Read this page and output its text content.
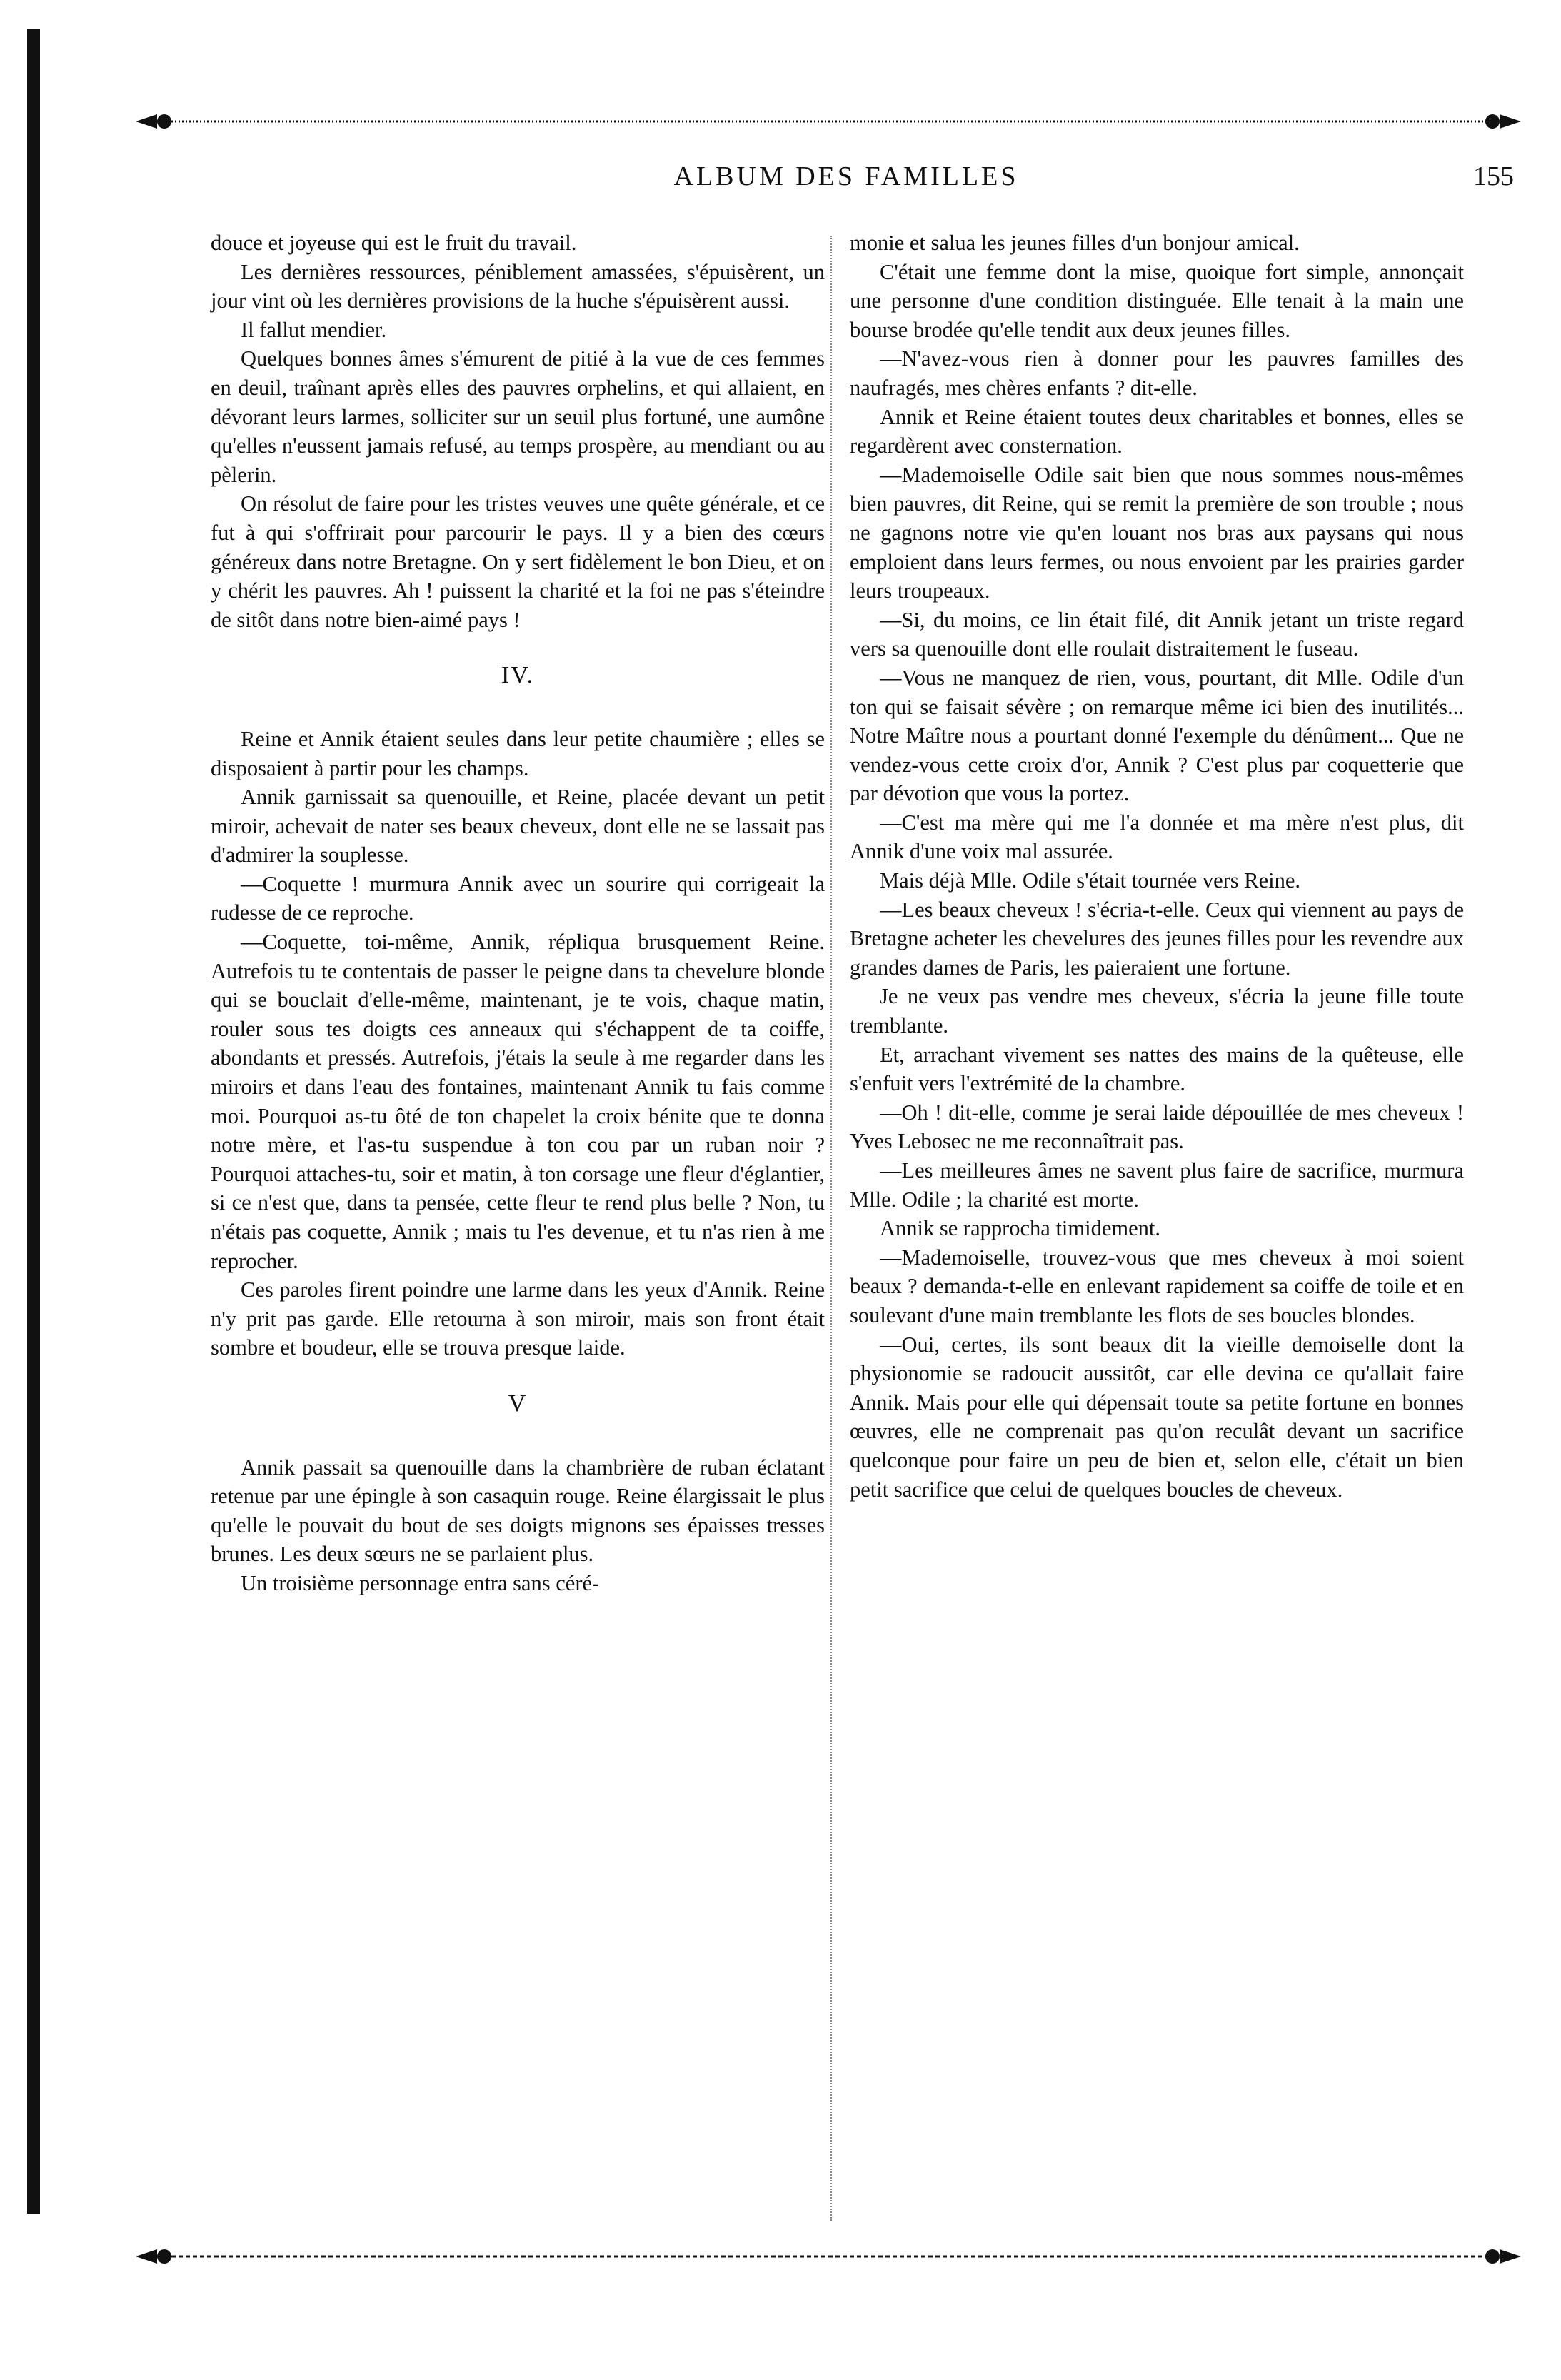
ALBUM DES FAMILLES	155

douce et joyeuse qui est le fruit du travail.

Les dernières ressources, péniblement amassées, s'épuisèrent, un jour vint où les dernières provisions de la huche s'épuisèrent aussi.

Il fallut mendier.

Quelques bonnes âmes s'émurent de pitié à la vue de ces femmes en deuil, traînant après elles des pauvres orphelins, et qui allaient, en dévorant leurs larmes, solliciter sur un seuil plus fortuné, une aumône qu'elles n'eussent jamais refusé, au temps prospère, au mendiant ou au pèlerin.

On résolut de faire pour les tristes veuves une quête générale, et ce fut à qui s'offrirait pour parcourir le pays. Il y a bien des cœurs généreux dans notre Bretagne. On y sert fidèlement le bon Dieu, et on y chérit les pauvres. Ah ! puissent la charité et la foi ne pas s'éteindre de sitôt dans notre bien-aimé pays !

IV.

Reine et Annik étaient seules dans leur petite chaumière ; elles se disposaient à partir pour les champs.

Annik garnissait sa quenouille, et Reine, placée devant un petit miroir, achevait de nater ses beaux cheveux, dont elle ne se lassait pas d'admirer la souplesse.

—Coquette ! murmura Annik avec un sourire qui corrigeait la rudesse de ce reproche.

—Coquette, toi-même, Annik, répliqua brusquement Reine. Autrefois tu te contentais de passer le peigne dans ta chevelure blonde qui se bouclait d'elle-même, maintenant, je te vois, chaque matin, rouler sous tes doigts ces anneaux qui s'échappent de ta coiffe, abondants et pressés. Autrefois, j'étais la seule à me regarder dans les miroirs et dans l'eau des fontaines, maintenant Annik tu fais comme moi. Pourquoi as-tu ôté de ton chapelet la croix bénite que te donna notre mère, et l'as-tu suspendue à ton cou par un ruban noir ? Pourquoi attaches-tu, soir et matin, à ton corsage une fleur d'églantier, si ce n'est que, dans ta pensée, cette fleur te rend plus belle ? Non, tu n'étais pas coquette, Annik ; mais tu l'es devenue, et tu n'as rien à me reprocher.

Ces paroles firent poindre une larme dans les yeux d'Annik. Reine n'y prit pas garde. Elle retourna à son miroir, mais son front était sombre et boudeur, elle se trouva presque laide.

V

Annik passait sa quenouille dans la chambrière de ruban éclatant retenue par une épingle à son casaquin rouge. Reine élargissait le plus qu'elle le pouvait du bout de ses doigts mignons ses épaisses tresses brunes. Les deux sœurs ne se parlaient plus.

Un troisième personnage entra sans céré-

monie et salua les jeunes filles d'un bonjour amical.

C'était une femme dont la mise, quoique fort simple, annonçait une personne d'une condition distinguée. Elle tenait à la main une bourse brodée qu'elle tendit aux deux jeunes filles.

—N'avez-vous rien à donner pour les pauvres familles des naufragés, mes chères enfants ? dit-elle.

Annik et Reine étaient toutes deux charitables et bonnes, elles se regardèrent avec consternation.

—Mademoiselle Odile sait bien que nous sommes nous-mêmes bien pauvres, dit Reine, qui se remit la première de son trouble ; nous ne gagnons notre vie qu'en louant nos bras aux paysans qui nous emploient dans leurs fermes, ou nous envoient par les prairies garder leurs troupeaux.

—Si, du moins, ce lin était filé, dit Annik jetant un triste regard vers sa quenouille dont elle roulait distraitement le fuseau.

—Vous ne manquez de rien, vous, pourtant, dit Mlle. Odile d'un ton qui se faisait sévère ; on remarque même ici bien des inutilités... Notre Maître nous a pourtant donné l'exemple du dénûment... Que ne vendez-vous cette croix d'or, Annik ? C'est plus par coquetterie que par dévotion que vous la portez.

—C'est ma mère qui me l'a donnée et ma mère n'est plus, dit Annik d'une voix mal assurée.

Mais déjà Mlle. Odile s'était tournée vers Reine.

—Les beaux cheveux ! s'écria-t-elle. Ceux qui viennent au pays de Bretagne acheter les chevelures des jeunes filles pour les revendre aux grandes dames de Paris, les paieraient une fortune.

Je ne veux pas vendre mes cheveux, s'écria la jeune fille toute tremblante.

Et, arrachant vivement ses nattes des mains de la quêteuse, elle s'enfuit vers l'extrémité de la chambre.

—Oh ! dit-elle, comme je serai laide dépouillée de mes cheveux ! Yves Lebosec ne me reconnaîtrait pas.

—Les meilleures âmes ne savent plus faire de sacrifice, murmura Mlle. Odile ; la charité est morte.

Annik se rapprocha timidement.

—Mademoiselle, trouvez-vous que mes cheveux à moi soient beaux ? demanda-t-elle en enlevant rapidement sa coiffe de toile et en soulevant d'une main tremblante les flots de ses boucles blondes.

—Oui, certes, ils sont beaux dit la vieille demoiselle dont la physionomie se radoucit aussitôt, car elle devina ce qu'allait faire Annik. Mais pour elle qui dépensait toute sa petite fortune en bonnes œuvres, elle ne comprenait pas qu'on reculât devant un sacrifice quelconque pour faire un peu de bien et, selon elle, c'était un bien petit sacrifice que celui de quelques boucles de cheveux.
